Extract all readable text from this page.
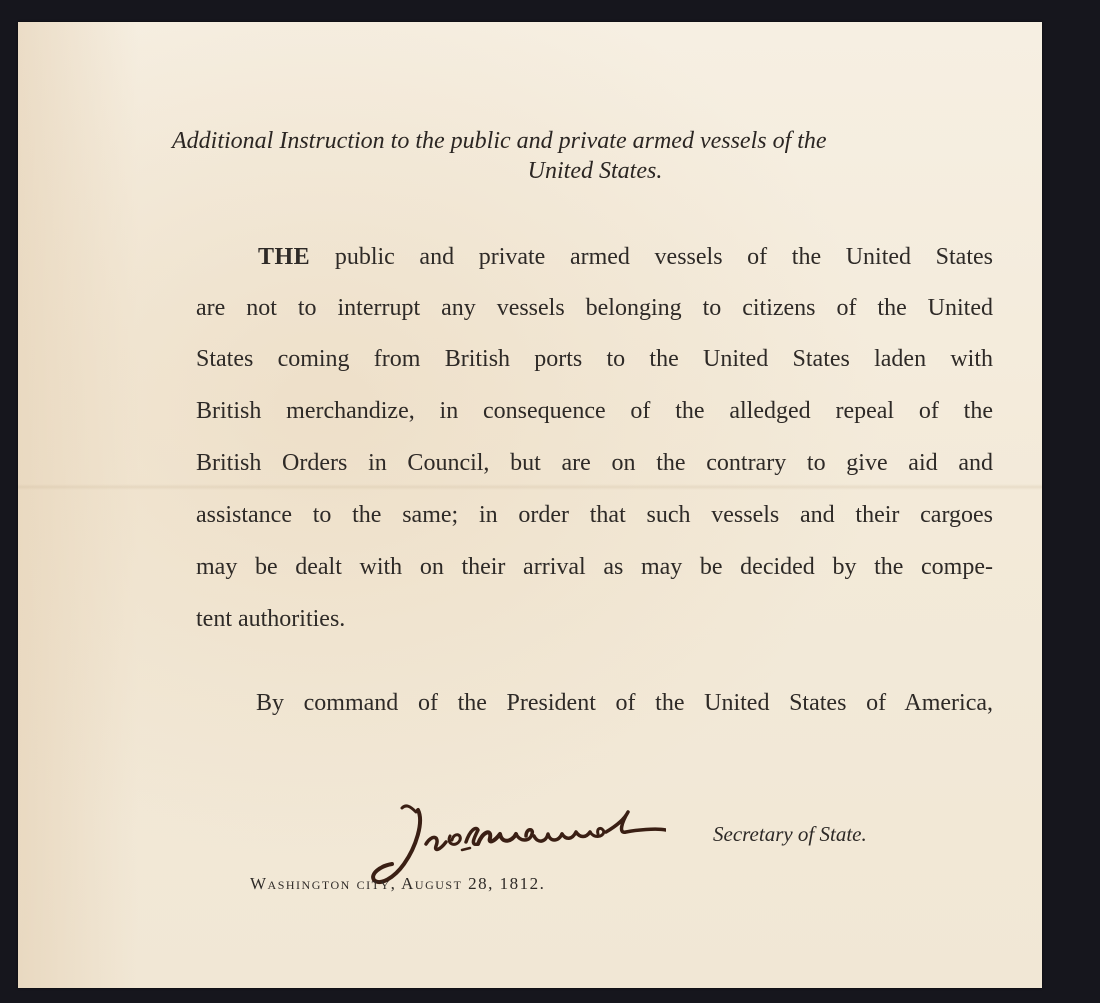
Additional Instruction to the public and private armed vessels of the
United States.
THE public and private armed vessels of the United States
are not to interrupt any vessels belonging to citizens of the United
States coming from British ports to the United States laden with
British merchandize, in consequence of the alledged repeal of the
British Orders in Council, but are on the contrary to give aid and
assistance to the same; in order that such vessels and their cargoes
may be dealt with on their arrival as may be decided by the compe-
tent authorities.
By command of the President of the United States of America,
Secretary of State.
Washington city, August 28, 1812.
